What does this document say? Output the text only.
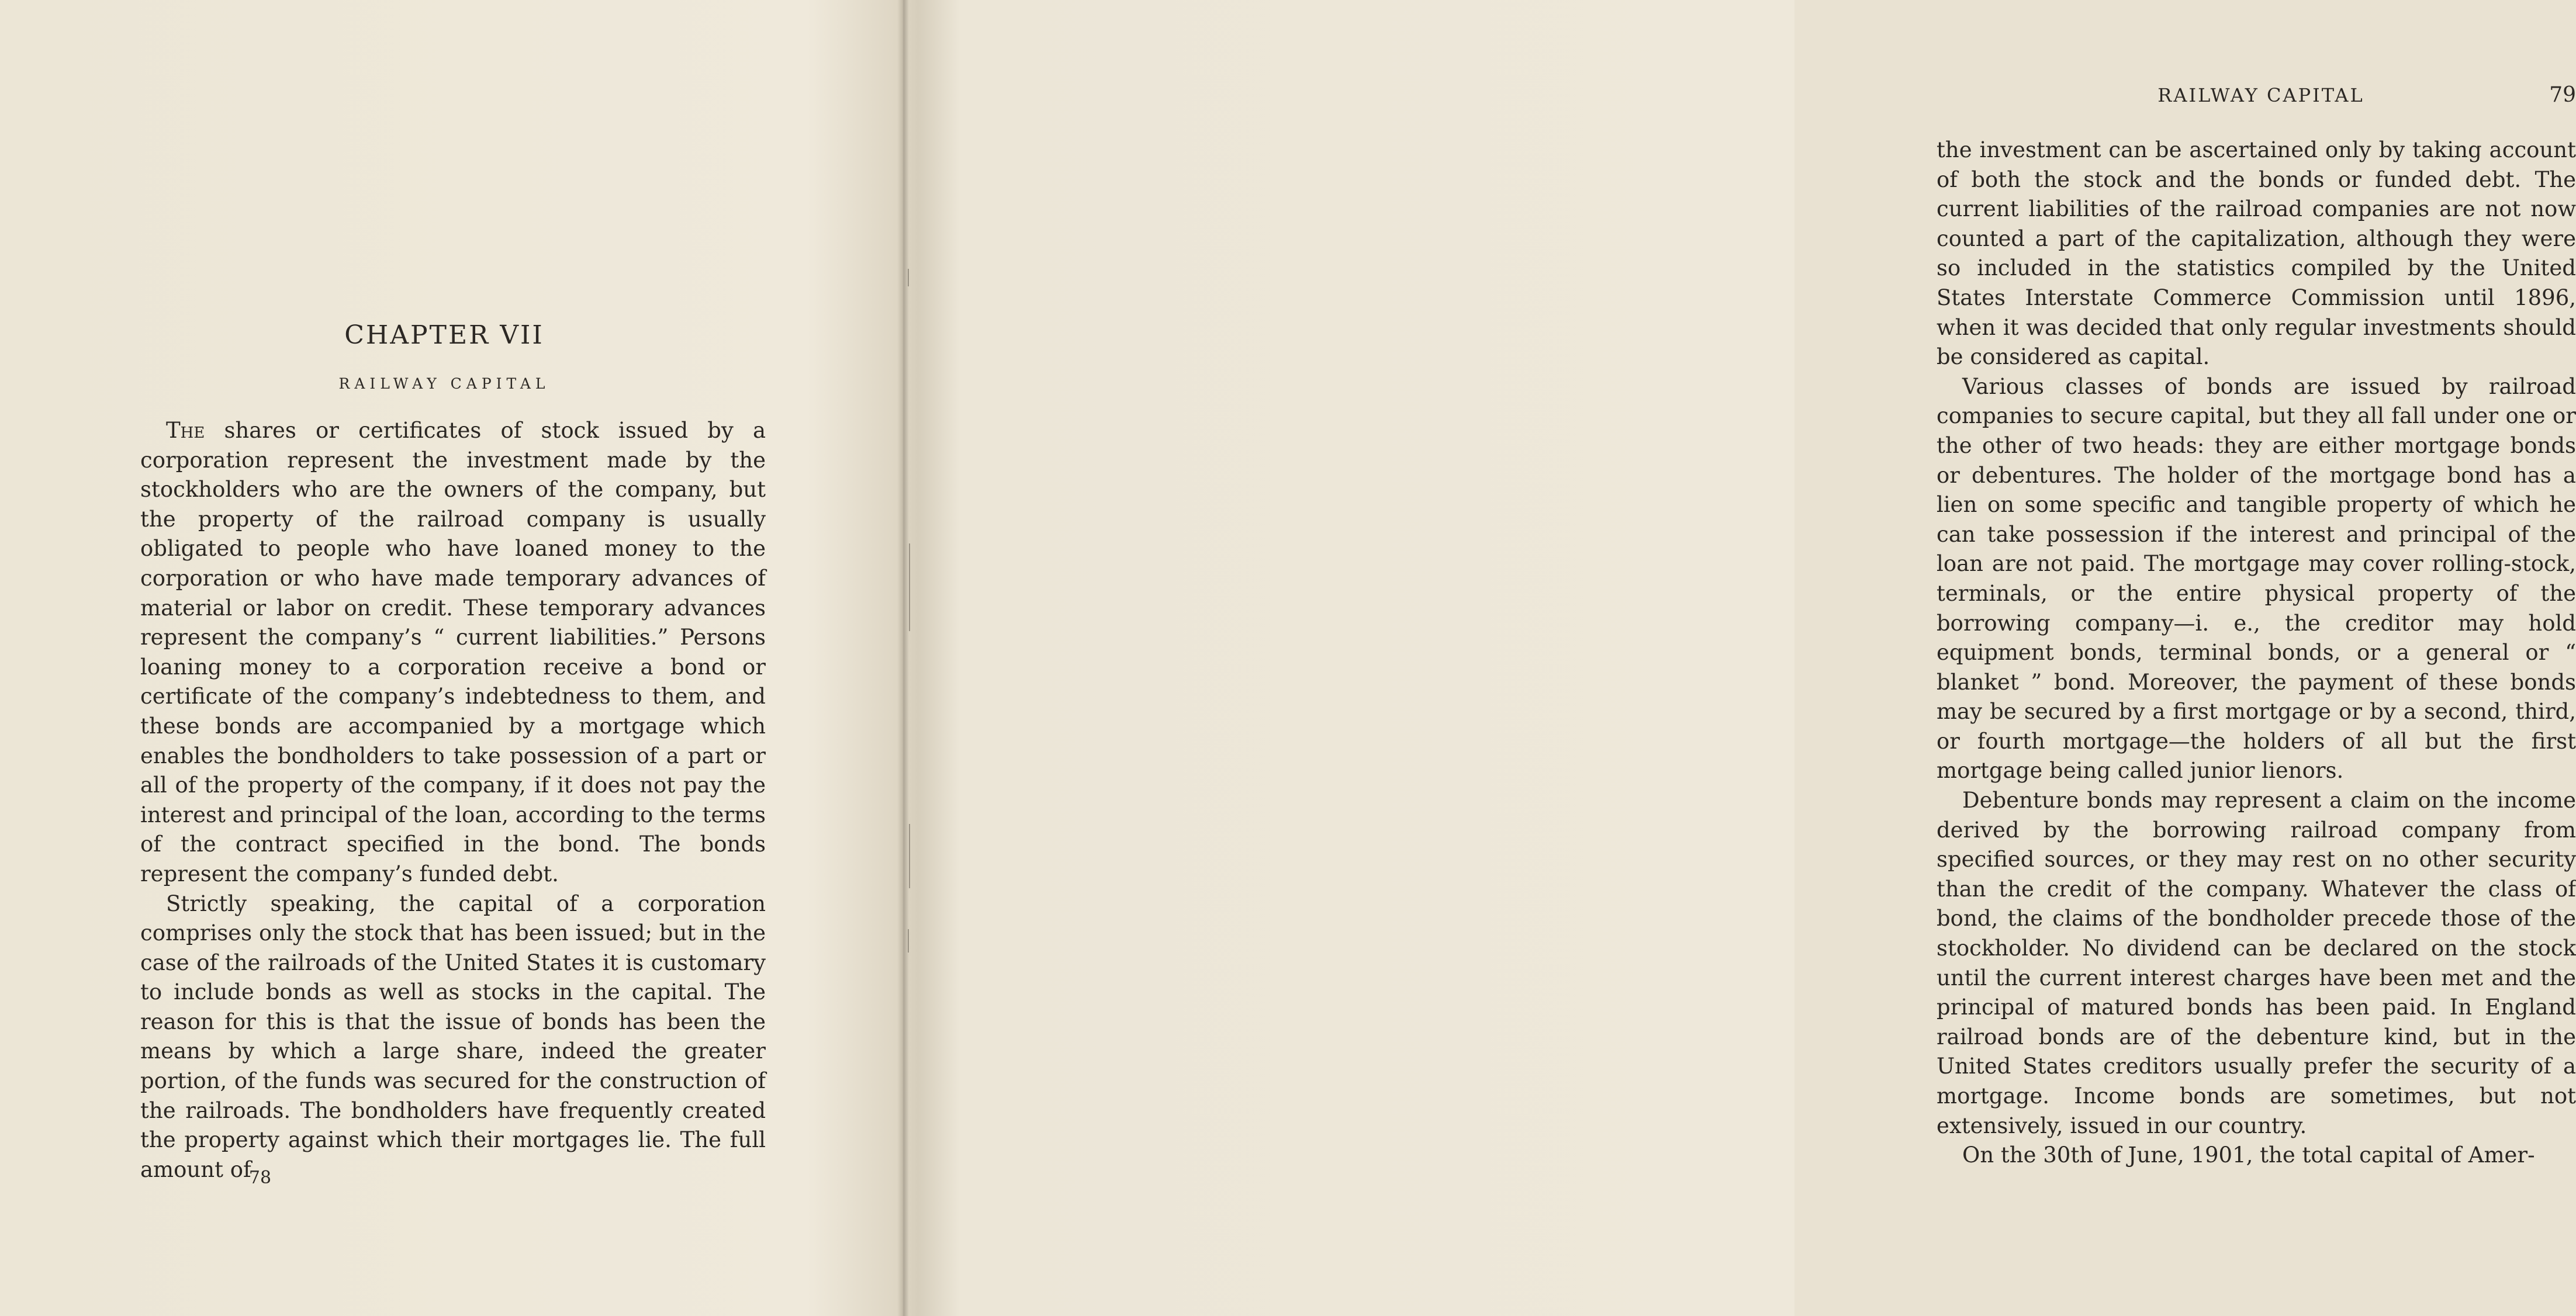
CHAPTER VII
RAILWAY CAPITAL

The shares or certificates of stock issued by a corporation represent the investment made by the stockholders who are the owners of the company, but the property of the railroad company is usually obligated to people who have loaned money to the corporation or who have made temporary advances of material or labor on credit. These temporary advances represent the company’s “ current liabilities.” Persons loaning money to a corporation receive a bond or certificate of the company’s indebtedness to them, and these bonds are accompanied by a mortgage which enables the bondholders to take possession of a part or all of the property of the company, if it does not pay the interest and principal of the loan, according to the terms of the contract specified in the bond. The bonds represent the company’s funded debt.

Strictly speaking, the capital of a corporation comprises only the stock that has been issued; but in the case of the railroads of the United States it is customary to include bonds as well as stocks in the capital. The reason for this is that the issue of bonds has been the means by which a large share, indeed the greater portion, of the funds was secured for the construction of the railroads. The bondholders have frequently created the property against which their mortgages lie. The full amount of

78
RAILWAY CAPITAL	79

the investment can be ascertained only by taking account of both the stock and the bonds or funded debt. The current liabilities of the railroad companies are not now counted a part of the capitalization, although they were so included in the statistics compiled by the United States Interstate Commerce Commission until 1896, when it was decided that only regular investments should be considered as capital.

Various classes of bonds are issued by railroad companies to secure capital, but they all fall under one or the other of two heads: they are either mortgage bonds or debentures. The holder of the mortgage bond has a lien on some specific and tangible property of which he can take possession if the interest and principal of the loan are not paid. The mortgage may cover rolling-stock, terminals, or the entire physical property of the borrowing company—i. e., the creditor may hold equipment bonds, terminal bonds, or a general or “ blanket ” bond. Moreover, the payment of these bonds may be secured by a first mortgage or by a second, third, or fourth mortgage—the holders of all but the first mortgage being called junior lienors.

Debenture bonds may represent a claim on the income derived by the borrowing railroad company from specified sources, or they may rest on no other security than the credit of the company. Whatever the class of bond, the claims of the bondholder precede those of the stockholder. No dividend can be declared on the stock until the current interest charges have been met and the principal of matured bonds has been paid. In England railroad bonds are of the debenture kind, but in the United States creditors usually prefer the security of a mortgage. Income bonds are sometimes, but not extensively, issued in our country.

On the 30th of June, 1901, the total capital of Amer-
